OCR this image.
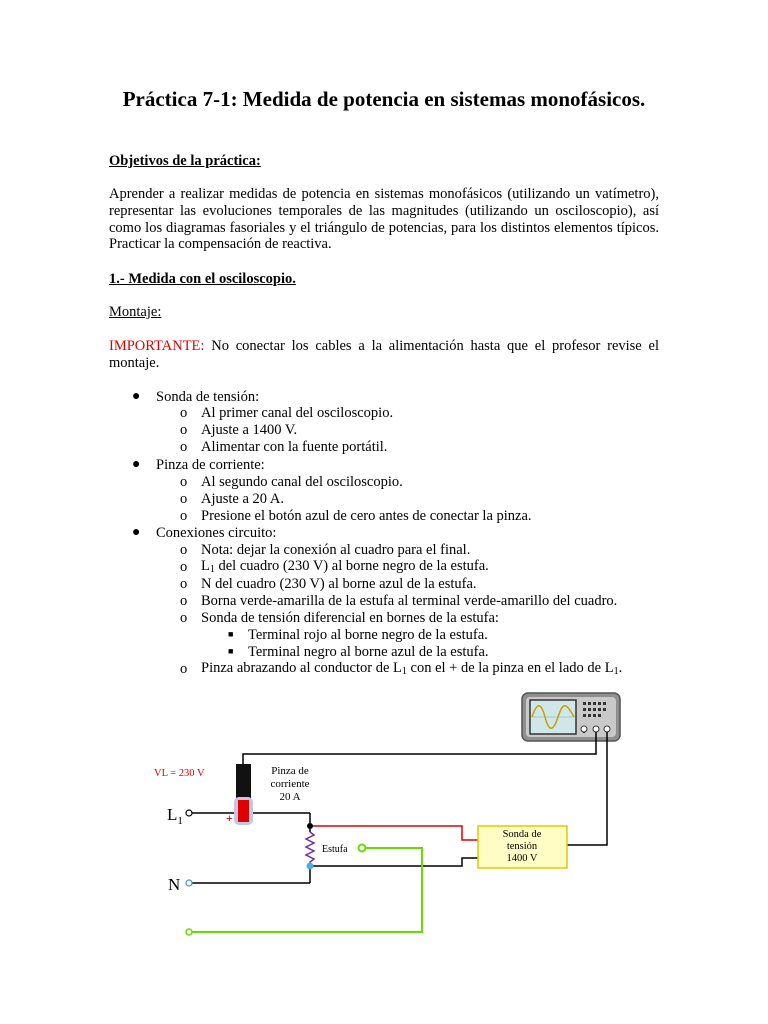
Práctica 7-1: Medida de potencia en sistemas monofásicos.

Objetivos de la práctica:

Aprender a realizar medidas de potencia en sistemas monofásicos (utilizando un vatímetro), representar las evoluciones temporales de las magnitudes (utilizando un osciloscopio), así como los diagramas fasoriales y el triángulo de potencias, para los distintos elementos típicos. Practicar la compensación de reactiva.

1.- Medida con el osciloscopio.

Montaje:

IMPORTANTE: No conectar los cables a la alimentación hasta que el profesor revise el montaje.

● Sonda de tensión:
o Al primer canal del osciloscopio.
o Ajuste a 1400 V.
o Alimentar con la fuente portátil.
● Pinza de corriente:
o Al segundo canal del osciloscopio.
o Ajuste a 20 A.
o Presione el botón azul de cero antes de conectar la pinza.
● Conexiones circuito:
o Nota: dejar la conexión al cuadro para el final.
o $L_1$ del cuadro (230 V) al borne negro de la estufa.
o N del cuadro (230 V) al borne azul de la estufa.
o Borna verde-amarilla de la estufa al terminal verde-amarillo del cuadro.
o Sonda de tensión diferencial en bornes de la estufa:
■ Terminal rojo al borne negro de la estufa.
■ Terminal negro al borne azul de la estufa.
o Pinza abrazando al conductor de $L_1$ con el + de la pinza en el lado de $L_1$.
VL = 230 V
$L_1$
N
Pinza de
corriente
20 A
+
Estufa
Sonda de
tensión
1400 V
